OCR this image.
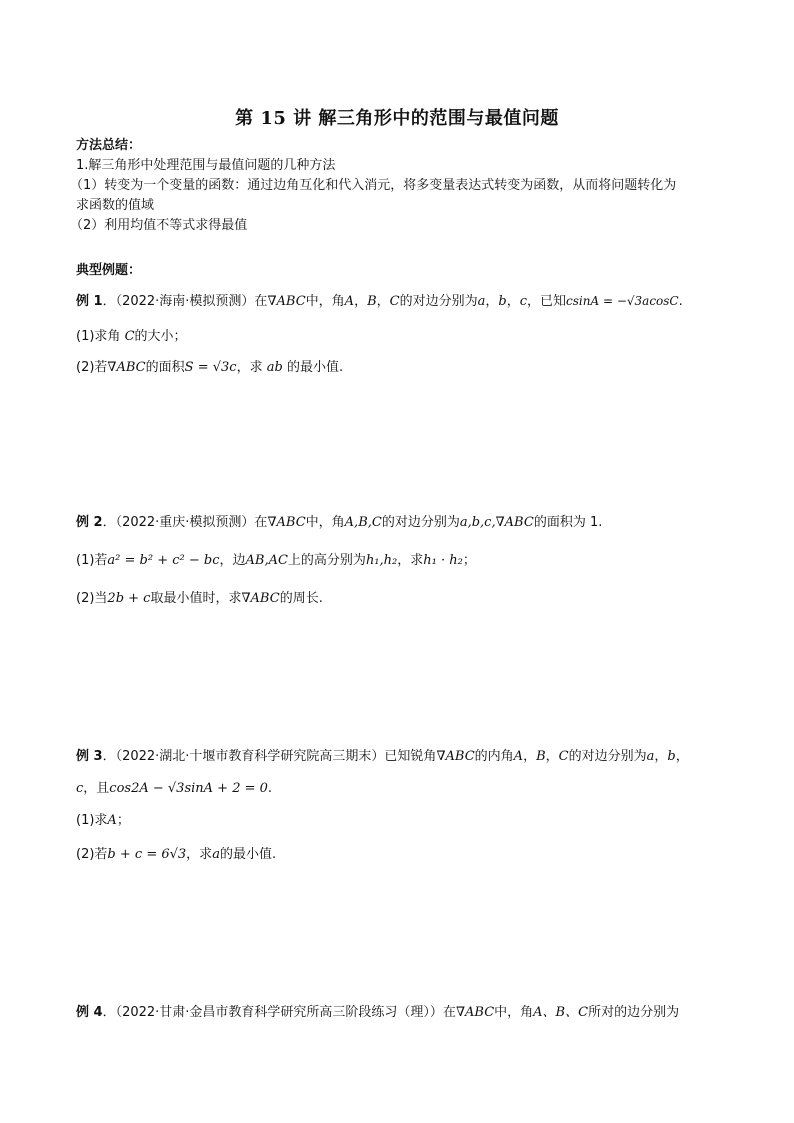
第 15 讲 解三角形中的范围与最值问题
方法总结：
1.解三角形中处理范围与最值问题的几种方法
（1）转变为一个变量的函数：通过边角互化和代入消元，将多变量表达式转变为函数，从而将问题转化为
求函数的值域
（2）利用均值不等式求得最值
典型例题：
例 1．（2022·海南·模拟预测）在∇ABC中，角A，B，C的对边分别为a，b，c，已知csinA = −√3acosC.
(1)求角 C的大小；
(2)若∇ABC的面积S = √3c，求 ab 的最小值.
例 2．（2022·重庆·模拟预测）在∇ABC中，角A,B,C的对边分别为a,b,c,∇ABC的面积为 1.
(1)若a² = b² + c² − bc，边AB,AC上的高分别为h₁,h₂，求h₁ · h₂；
(2)当2b + c取最小值时，求∇ABC的周长.
例 3．（2022·湖北·十堰市教育科学研究院高三期末）已知锐角∇ABC的内角A，B，C的对边分别为a，b，
c，且cos2A − √3sinA + 2 = 0.
(1)求A；
(2)若b + c = 6√3，求a的最小值.
例 4．（2022·甘肃·金昌市教育科学研究所高三阶段练习（理））在∇ABC中，角A、B、C所对的边分别为
